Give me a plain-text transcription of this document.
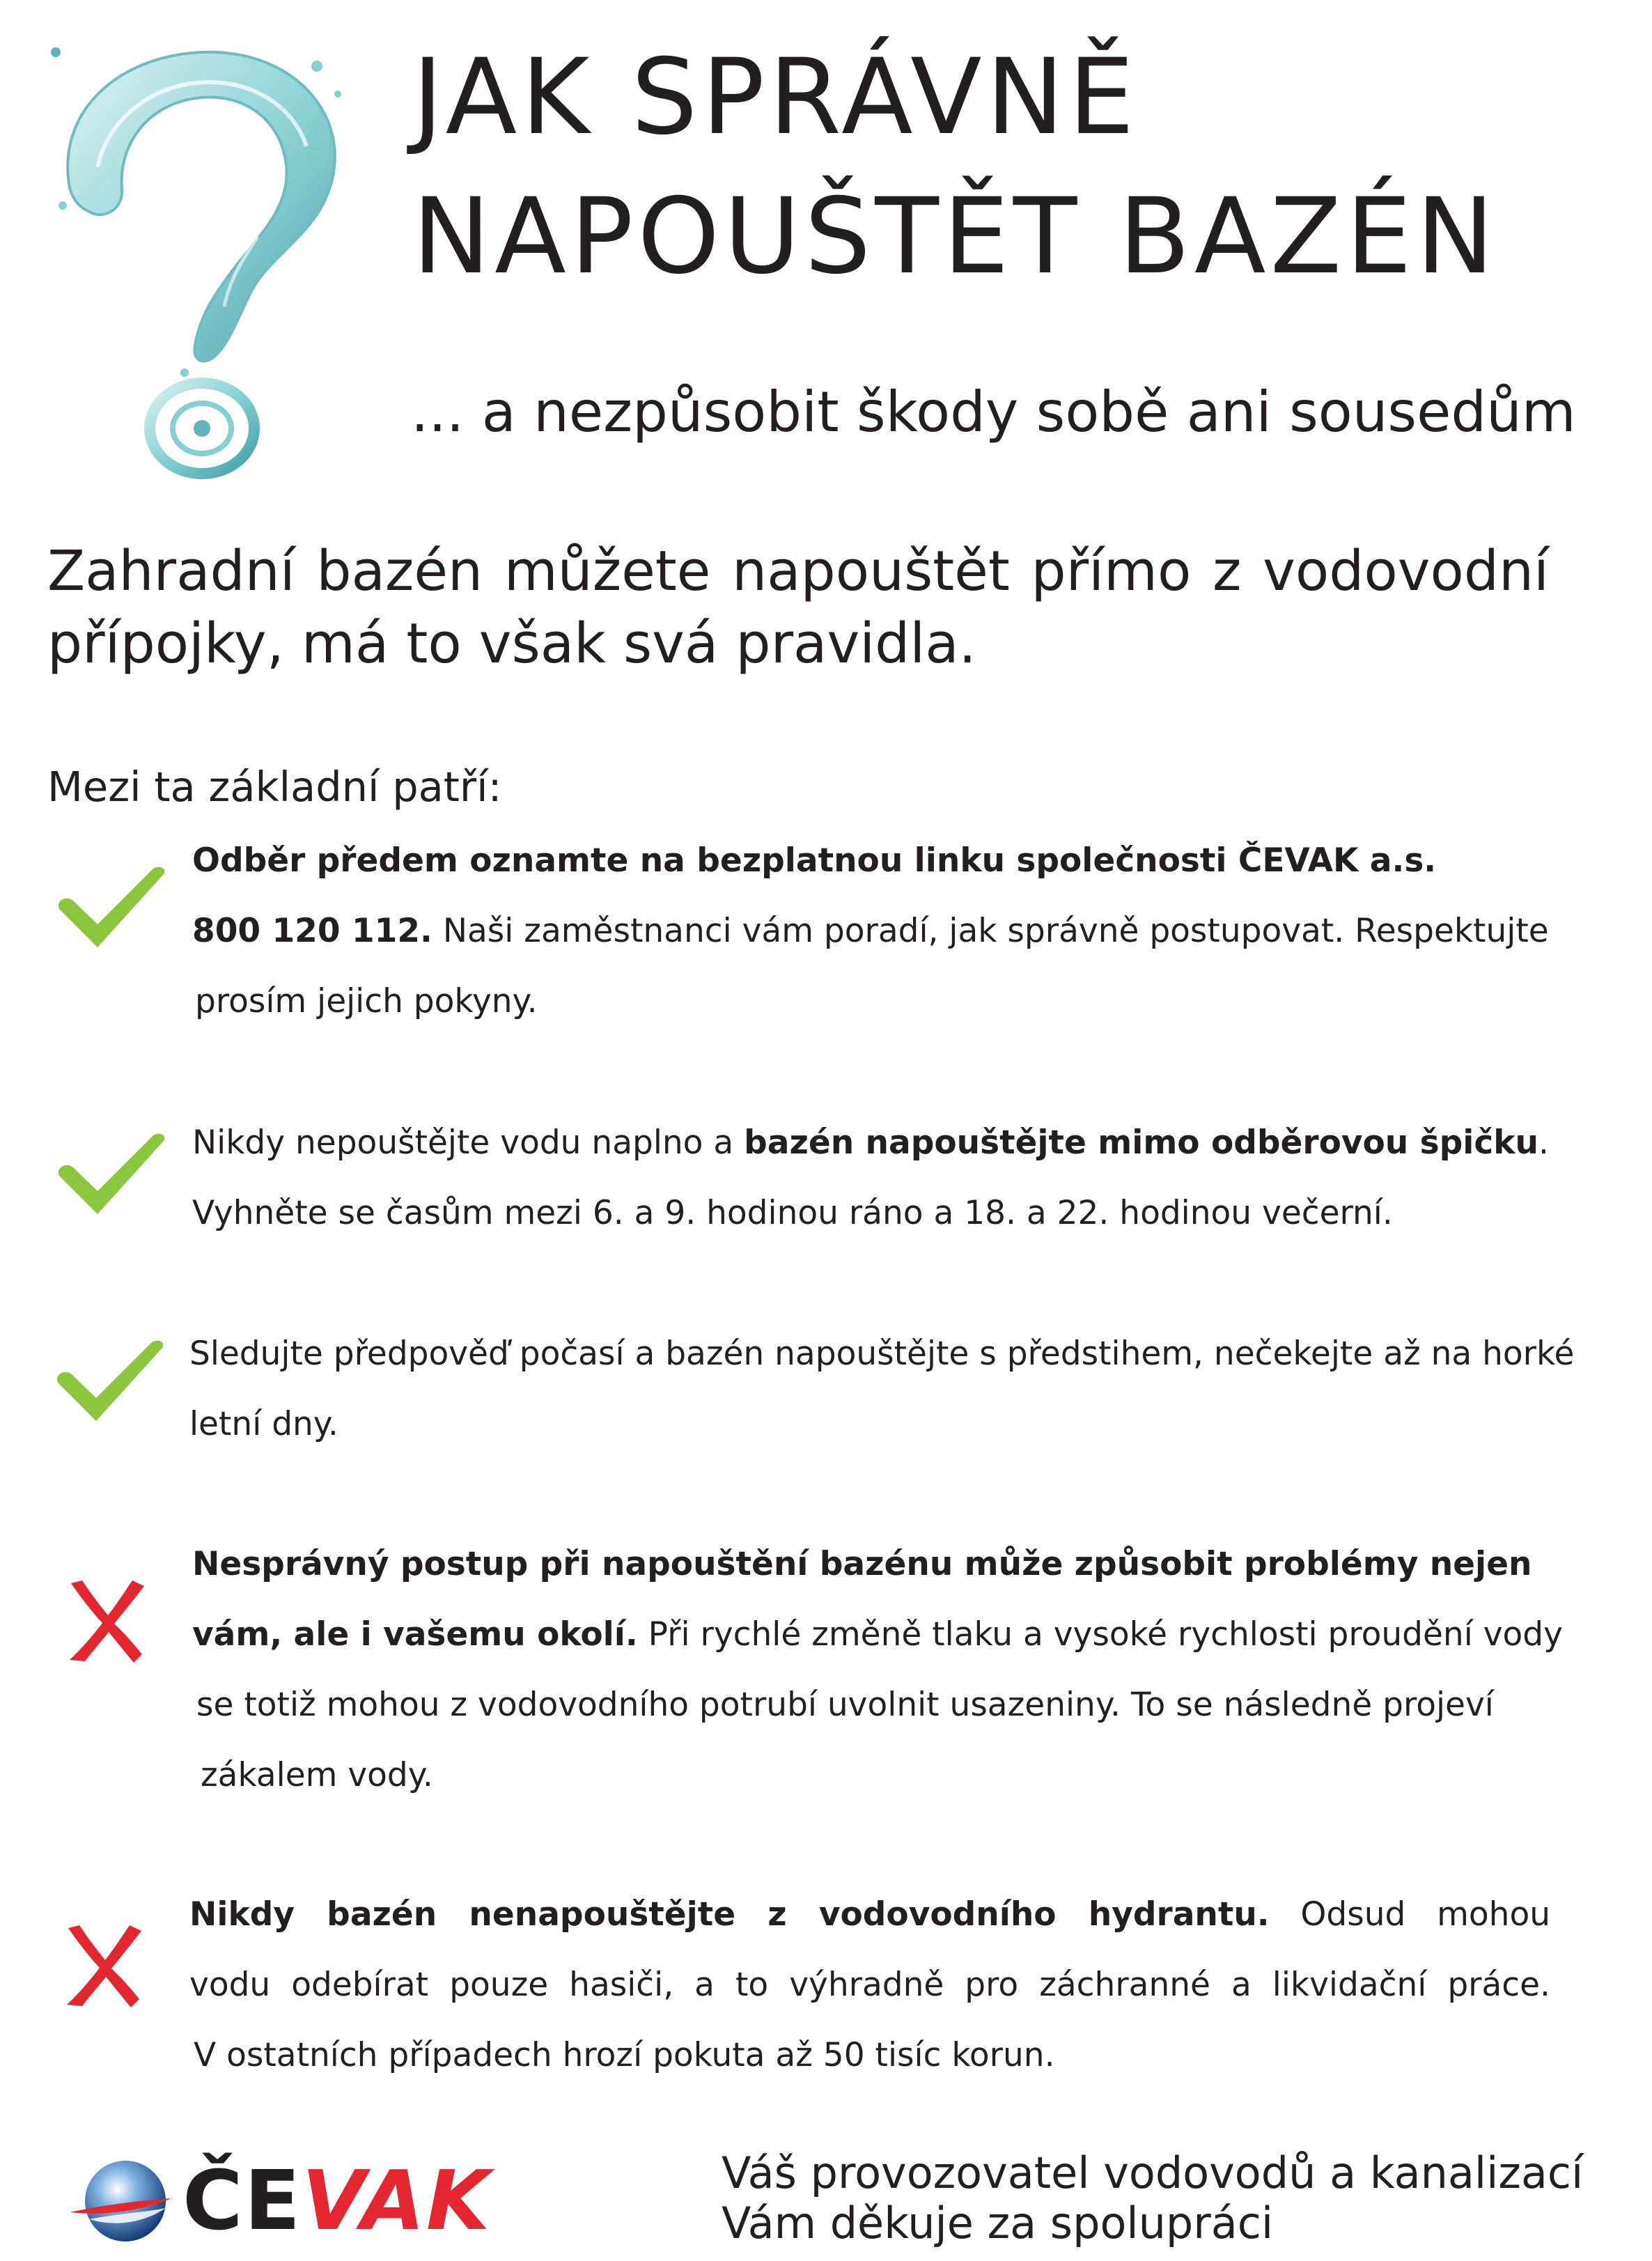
JAK SPRÁVNĚ
NAPOUŠTĚT BAZÉN
... a nezpůsobit škody sobě ani sousedům
Zahradní bazén můžete napouštět přímo z vodovodní přípojky, má to však svá pravidla.
Mezi ta základní patří:
Odběr předem oznamte na bezplatnou linku společnosti ČEVAK a.s.
800 120 112. Naši zaměstnanci vám poradí, jak správně postupovat. Respektujte
prosím jejich pokyny.
Nikdy nepouštějte vodu naplno a bazén napouštějte mimo odběrovou špičku.
Vyhněte se časům mezi 6. a 9. hodinou ráno a 18. a 22. hodinou večerní.
Sledujte předpověď počasí a bazén napouštějte s předstihem, nečekejte až na horké
letní dny.
Nesprávný postup při napouštění bazénu může způsobit problémy nejen
vám, ale i vašemu okolí. Při rychlé změně tlaku a vysoké rychlosti proudění vody
se totiž mohou z vodovodního potrubí uvolnit usazeniny. To se následně projeví
zákalem vody.
Nikdy bazén nenapouštějte z vodovodního hydrantu. Odsud mohou
vodu odebírat pouze hasiči, a to výhradně pro záchranné a likvidační práce.
V ostatních případech hrozí pokuta až 50 tisíc korun.
ČEVAK	Váš provozovatel vodovodů a kanalizací
Vám děkuje za spolupráci
